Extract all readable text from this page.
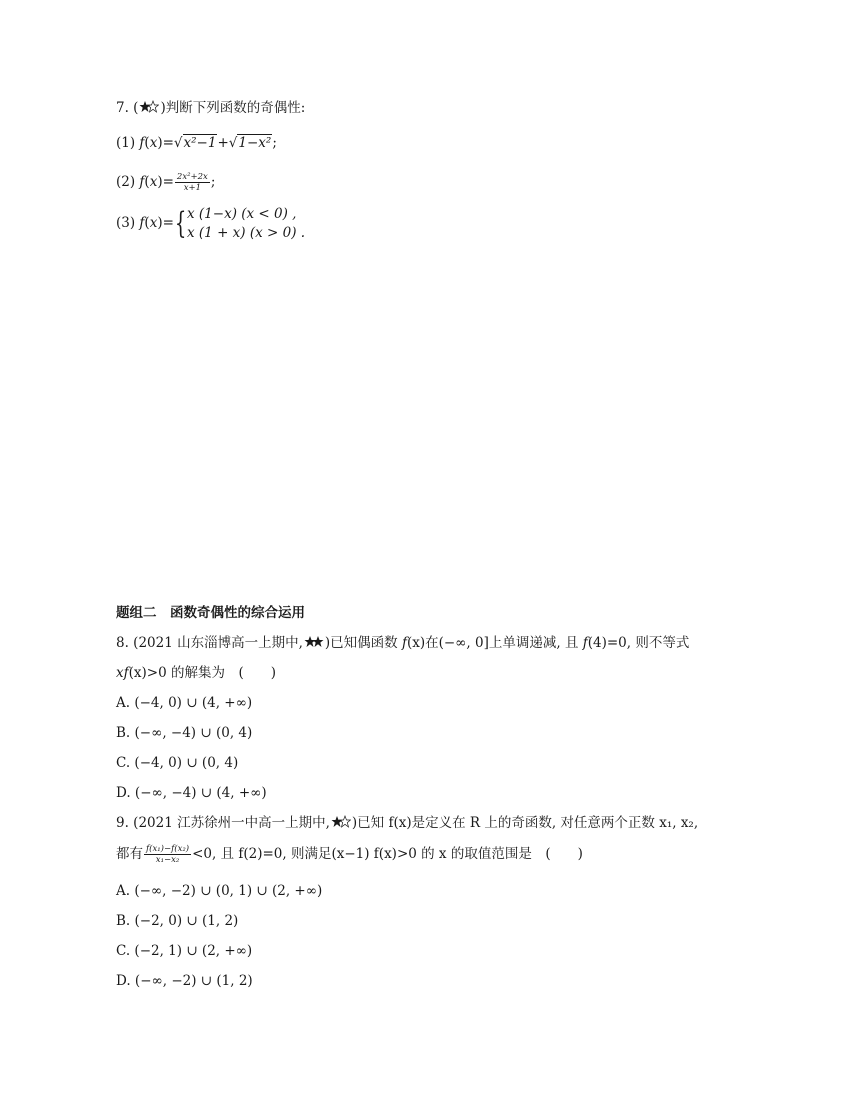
7. ( )判断下列函数的奇偶性:
(1) f(x)=√x²−1+√1−x²;
(2) $f(x)= \frac{\text{2x²+2x}}{x+1}$ ;
(3) f(x)={ x (1−x) (x < 0) ,
x (1 + x) (x > 0) .
题组二　函数奇偶性的综合运用
8. (2021 山东淄博高一上期中, )已知偶函数 f(x)在(−∞, 0]上单调递减, 且 f(4)=0, 则不等式
xf(x)>0 的解集为　(　　)
A. (−4, 0) ∪ (4, +∞)
B. (−∞, −4) ∪ (0, 4)
C. (−4, 0) ∪ (0, 4)
D. (−∞, −4) ∪ (4, +∞)
9. (2021 江苏徐州一中高一上期中, )已知 f(x)是定义在 R 上的奇函数, 对任意两个正数 x₁, x₂,
都有 $\frac{\text{f(x₁)−f(x₂)}}{\text{x₁−x₂}} <0$, 且 f(2)=0, 则满足(x−1) f(x)>0 的 x 的取值范围是　(　　)
A. (−∞, −2) ∪ (0, 1) ∪ (2, +∞)
B. (−2, 0) ∪ (1, 2)
C. (−2, 1) ∪ (2, +∞)
D. (−∞, −2) ∪ (1, 2)
